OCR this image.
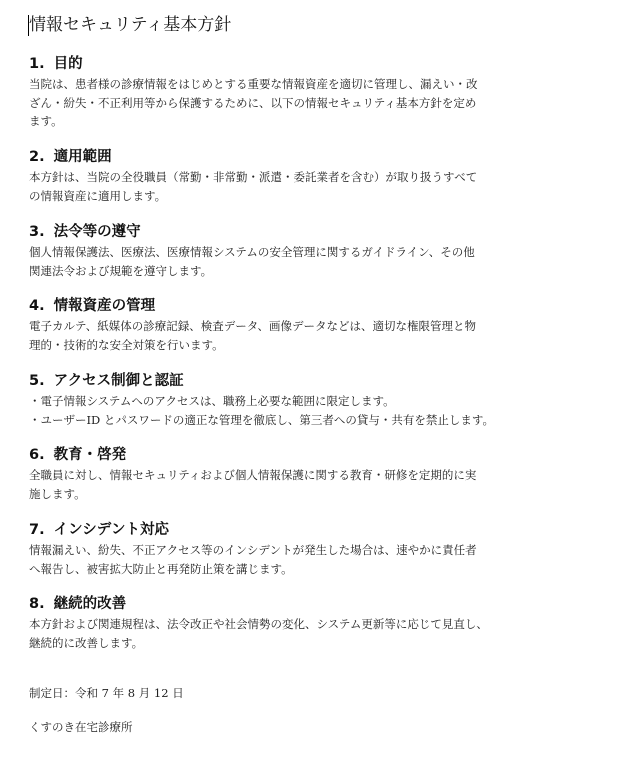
情報セキュリティ基本方針

1. 目的

当院は、患者様の診療情報をはじめとする重要な情報資産を適切に管理し、漏えい・改
ざん・紛失・不正利用等から保護するために、以下の情報セキュリティ基本方針を定め
ます。

2. 適用範囲

本方針は、当院の全役職員（常勤・非常勤・派遣・委託業者を含む）が取り扱うすべて
の情報資産に適用します。

3. 法令等の遵守

個人情報保護法、医療法、医療情報システムの安全管理に関するガイドライン、その他
関連法令および規範を遵守します。

4. 情報資産の管理

電子カルテ、紙媒体の診療記録、検査データ、画像データなどは、適切な権限管理と物
理的・技術的な安全対策を行います。

5. アクセス制御と認証

・電子情報システムへのアクセスは、職務上必要な範囲に限定します。
・ユーザーID とパスワードの適正な管理を徹底し、第三者への貸与・共有を禁止します。

6. 教育・啓発

全職員に対し、情報セキュリティおよび個人情報保護に関する教育・研修を定期的に実
施します。

7. インシデント対応

情報漏えい、紛失、不正アクセス等のインシデントが発生した場合は、速やかに責任者
へ報告し、被害拡大防止と再発防止策を講じます。

8. 継続的改善

本方針および関連規程は、法令改正や社会情勢の変化、システム更新等に応じて見直し、
継続的に改善します。

制定日：令和 7 年 8 月 12 日
くすのき在宅診療所
